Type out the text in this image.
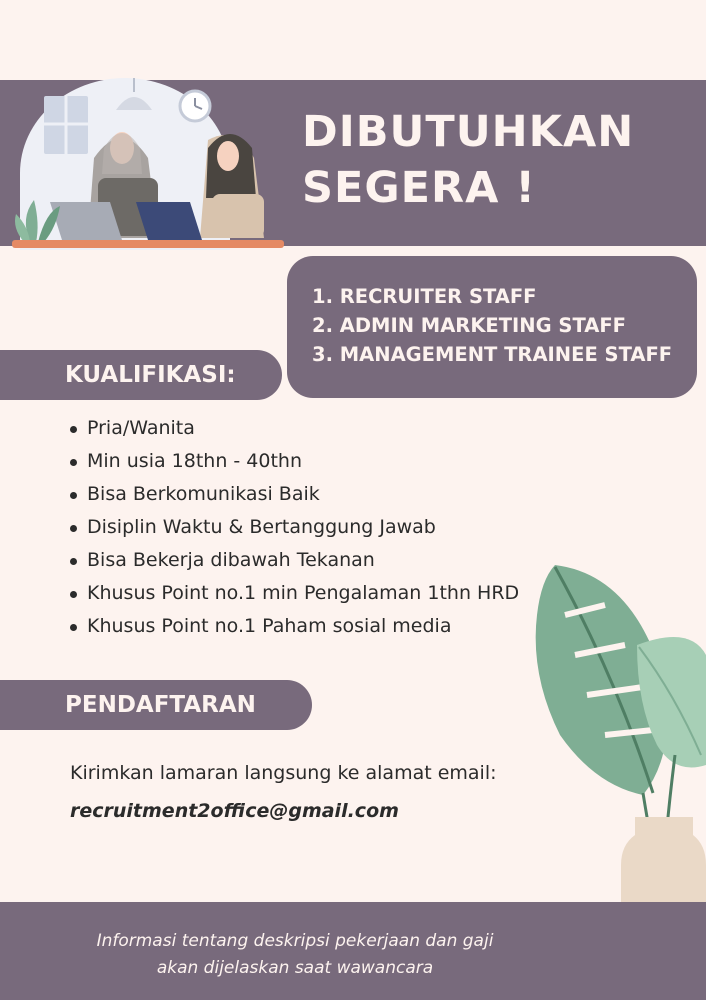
DIBUTUHKAN
SEGERA !
1. RECRUITER STAFF
2. ADMIN MARKETING STAFF
3. MANAGEMENT TRAINEE STAFF
KUALIFIKASI:
Pria/Wanita
Min usia 18thn - 40thn
Bisa Berkomunikasi Baik
Disiplin Waktu & Bertanggung Jawab
Bisa Bekerja dibawah Tekanan
Khusus Point no.1 min Pengalaman 1thn HRD
Khusus Point no.1 Paham sosial media
PENDAFTARAN
Kirimkan lamaran langsung ke alamat email:
recruitment2office@gmail.com
Informasi tentang deskripsi pekerjaan dan gaji
akan dijelaskan saat wawancara
